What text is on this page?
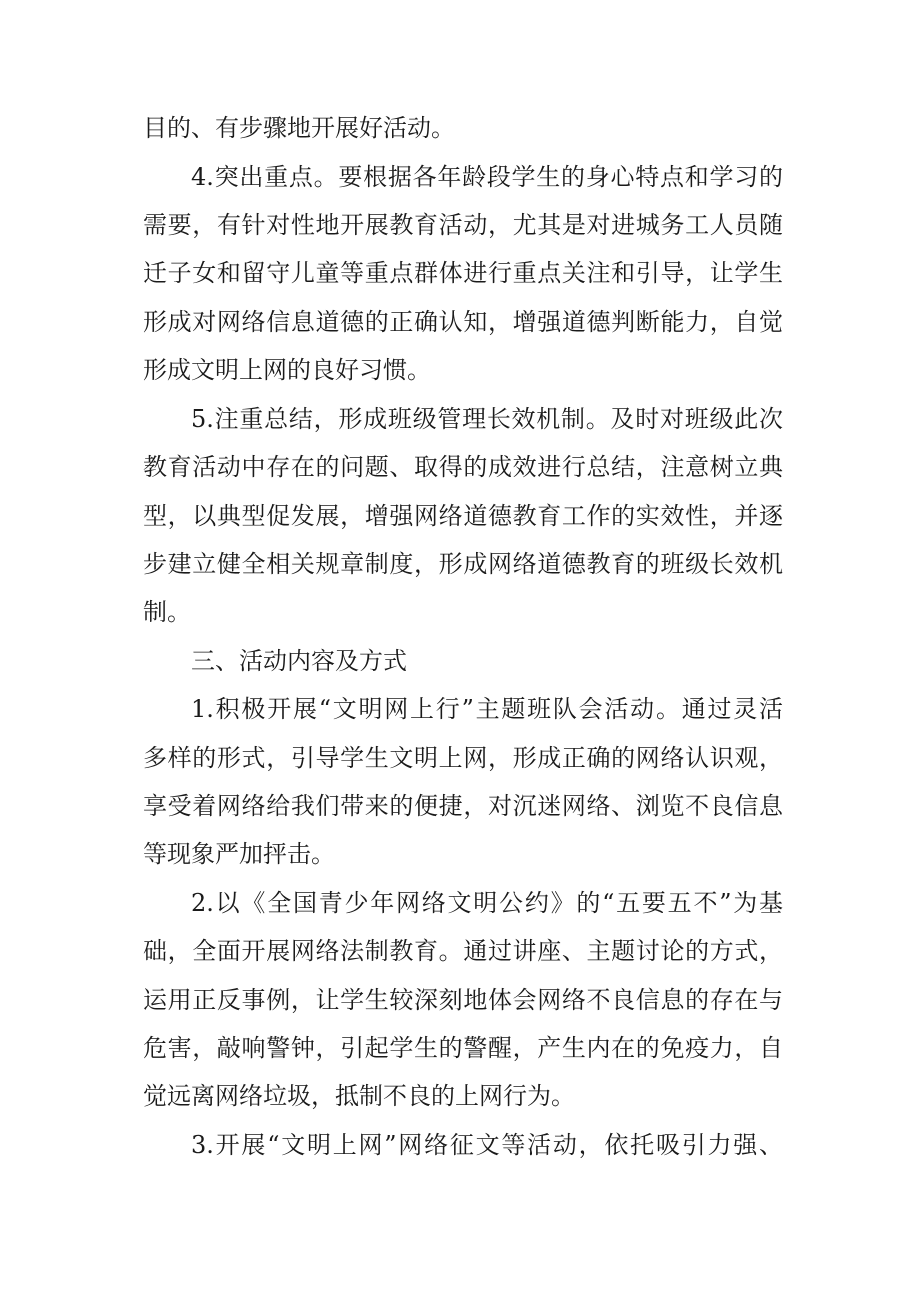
目的、有步骤地开展好活动。
4.突出重点。要根据各年龄段学生的身心特点和学习的
需要，有针对性地开展教育活动，尤其是对进城务工人员随
迁子女和留守儿童等重点群体进行重点关注和引导，让学生
形成对网络信息道德的正确认知，增强道德判断能力，自觉
形成文明上网的良好习惯。
5.注重总结，形成班级管理长效机制。及时对班级此次
教育活动中存在的问题、取得的成效进行总结，注意树立典
型，以典型促发展，增强网络道德教育工作的实效性，并逐
步建立健全相关规章制度，形成网络道德教育的班级长效机
制。
三、活动内容及方式
1.积极开展“文明网上行”主题班队会活动。通过灵活
多样的形式，引导学生文明上网，形成正确的网络认识观，
享受着网络给我们带来的便捷，对沉迷网络、浏览不良信息
等现象严加抨击。
2.以《全国青少年网络文明公约》的“五要五不”为基
础，全面开展网络法制教育。通过讲座、主题讨论的方式，
运用正反事例，让学生较深刻地体会网络不良信息的存在与
危害，敲响警钟，引起学生的警醒，产生内在的免疫力，自
觉远离网络垃圾，抵制不良的上网行为。
3.开展“文明上网”网络征文等活动，依托吸引力强、
